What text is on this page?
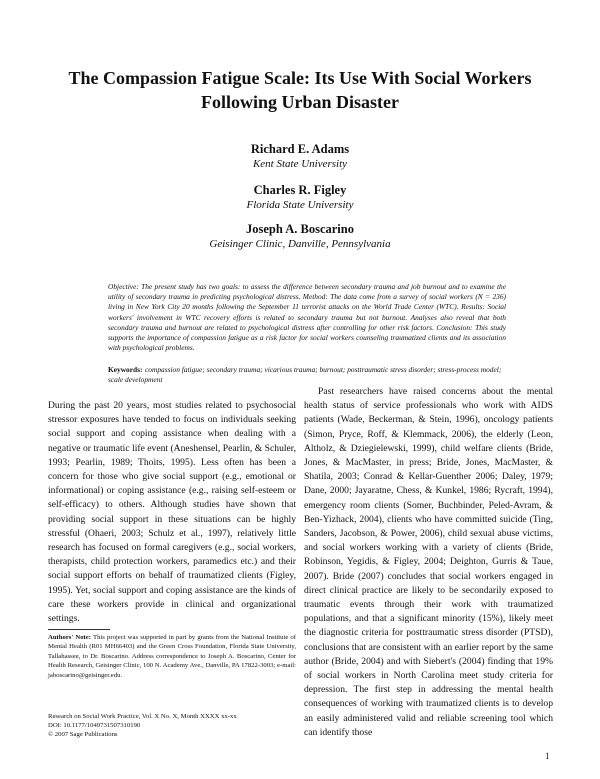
The Compassion Fatigue Scale: Its Use With Social Workers Following Urban Disaster
Richard E. Adams
Kent State University
Charles R. Figley
Florida State University
Joseph A. Boscarino
Geisinger Clinic, Danville, Pennsylvania
Objective: The present study has two goals: to assess the difference between secondary trauma and job burnout and to examine the utility of secondary trauma in predicting psychological distress. Method: The data come from a survey of social workers (N = 236) living in New York City 20 months following the September 11 terrorist attacks on the World Trade Center (WTC). Results: Social workers' involvement in WTC recovery efforts is related to secondary trauma but not burnout. Analyses also reveal that both secondary trauma and burnout are related to psychological distress after controlling for other risk factors. Conclusion: This study supports the importance of compassion fatigue as a risk factor for social workers counseling traumatized clients and its association with psychological problems.
Keywords: compassion fatigue; secondary trauma; vicarious trauma; burnout; posttraumatic stress disorder; stress-process model; scale development

During the past 20 years, most studies related to psychosocial stressor exposures have tended to focus on individuals seeking social support and coping assistance when dealing with a negative or traumatic life event (Aneshensel, Pearlin, & Schuler, 1993; Pearlin, 1989; Thoits, 1995). Less often has been a concern for those who give social support (e.g., emotional or informational) or coping assistance (e.g., raising self-esteem or self-efficacy) to others. Although studies have shown that providing social support in these situations can be highly stressful (Ohaeri, 2003; Schulz et al., 1997), relatively little research has focused on formal caregivers (e.g., social workers, therapists, child protection workers, paramedics etc.) and their social support efforts on behalf of traumatized clients (Figley, 1995). Yet, social support and coping assistance are the kinds of care these workers provide in clinical and organizational settings.

Past researchers have raised concerns about the mental health status of service professionals who work with AIDS patients (Wade, Beckerman, & Stein, 1996), oncology patients (Simon, Pryce, Roff, & Klemmack, 2006), the elderly (Leon, Altholz, & Dziegielewski, 1999), child welfare clients (Bride, Jones, & MacMaster, in press; Bride, Jones, MacMaster, & Shatila, 2003; Conrad & Kellar-Guenther 2006; Daley, 1979; Dane, 2000; Jayaratne, Chess, & Kunkel, 1986; Rycraft, 1994), emergency room clients (Somer, Buchbinder, Peled-Avram, & Ben-Yizhack, 2004), clients who have committed suicide (Ting, Sanders, Jacobson, & Power, 2006), child sexual abuse victims, and social workers working with a variety of clients (Bride, Robinson, Yegidis, & Figley, 2004; Deighton, Gurris & Taue, 2007). Bride (2007) concludes that social workers engaged in direct clinical practice are likely to be secondarily exposed to traumatic events through their work with traumatized populations, and that a significant minority (15%), likely meet the diagnostic criteria for posttraumatic stress disorder (PTSD), conclusions that are consistent with an earlier report by the same author (Bride, 2004) and with Siebert's (2004) finding that 19% of social workers in North Carolina meet study criteria for depression. The first step in addressing the mental health consequences of working with traumatized clients is to develop an easily administered valid and reliable screening tool which can identify those

Authors' Note: This project was supported in part by grants from the National Institute of Mental Health (R01 MH66403) and the Green Cross Foundation, Florida State University, Tallahassee, to Dr. Boscarino. Address correspondence to Joseph A. Boscarino, Center for Health Research, Geisinger Clinic, 100 N. Academy Ave., Danville, PA 17822-3003; e-mail: jaboscarino@geisinger.edu.
Research on Social Work Practice, Vol. X No. X, Month XXXX xx-xx
DOI: 10.1177/1049731507310190
© 2007 Sage Publications
1
